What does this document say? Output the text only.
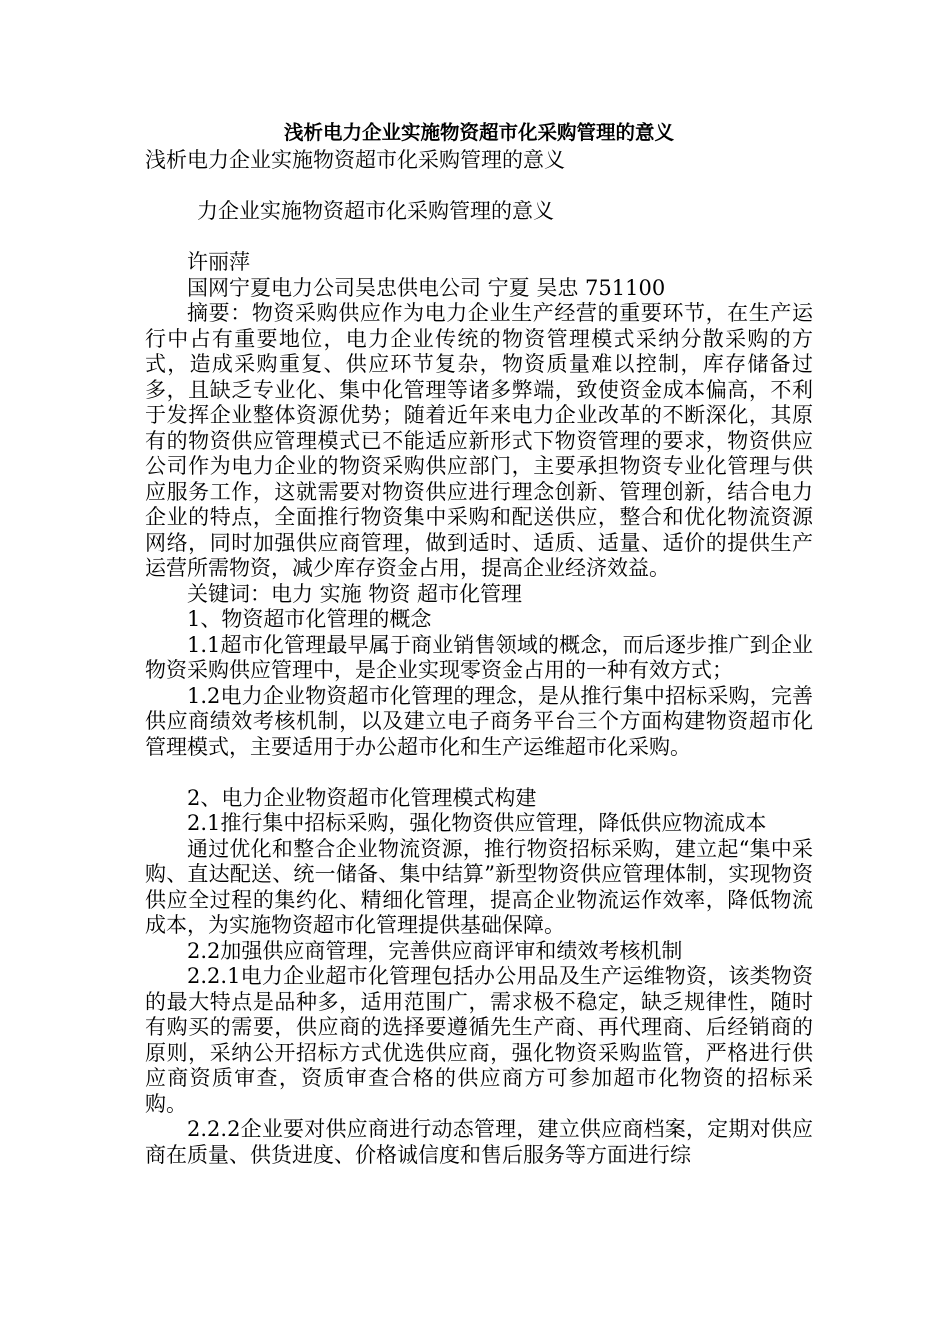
浅析电力企业实施物资超市化采购管理的意义
浅析电力企业实施物资超市化采购管理的意义
力企业实施物资超市化采购管理的意义
许丽萍
国网宁夏电力公司吴忠供电公司 宁夏 吴忠 751100
摘要：物资采购供应作为电力企业生产经营的重要环节，在生产运行中占有重要地位，电力企业传统的物资管理模式采纳分散采购的方式，造成采购重复、供应环节复杂，物资质量难以控制，库存储备过多，且缺乏专业化、集中化管理等诸多弊端，致使资金成本偏高，不利于发挥企业整体资源优势；随着近年来电力企业改革的不断深化，其原有的物资供应管理模式已不能适应新形式下物资管理的要求，物资供应公司作为电力企业的物资采购供应部门，主要承担物资专业化管理与供应服务工作，这就需要对物资供应进行理念创新、管理创新，结合电力企业的特点，全面推行物资集中采购和配送供应，整合和优化物流资源网络，同时加强供应商管理，做到适时、适质、适量、适价的提供生产运营所需物资，减少库存资金占用，提高企业经济效益。
关键词：电力 实施 物资 超市化管理
1、物资超市化管理的概念
1.1超市化管理最早属于商业销售领域的概念，而后逐步推广到企业物资采购供应管理中，是企业实现零资金占用的一种有效方式；
1.2电力企业物资超市化管理的理念，是从推行集中招标采购，完善供应商绩效考核机制，以及建立电子商务平台三个方面构建物资超市化管理模式，主要适用于办公超市化和生产运维超市化采购。
2、电力企业物资超市化管理模式构建
2.1推行集中招标采购，强化物资供应管理，降低供应物流成本
通过优化和整合企业物流资源，推行物资招标采购，建立起“集中采购、直达配送、统一储备、集中结算”新型物资供应管理体制，实现物资供应全过程的集约化、精细化管理，提高企业物流运作效率，降低物流成本，为实施物资超市化管理提供基础保障。
2.2加强供应商管理，完善供应商评审和绩效考核机制
2.2.1电力企业超市化管理包括办公用品及生产运维物资，该类物资的最大特点是品种多，适用范围广，需求极不稳定，缺乏规律性，随时有购买的需要，供应商的选择要遵循先生产商、再代理商、后经销商的原则，采纳公开招标方式优选供应商，强化物资采购监管，严格进行供应商资质审查，资质审查合格的供应商方可参加超市化物资的招标采购。
2.2.2企业要对供应商进行动态管理，建立供应商档案，定期对供应商在质量、供货进度、价格诚信度和售后服务等方面进行综
